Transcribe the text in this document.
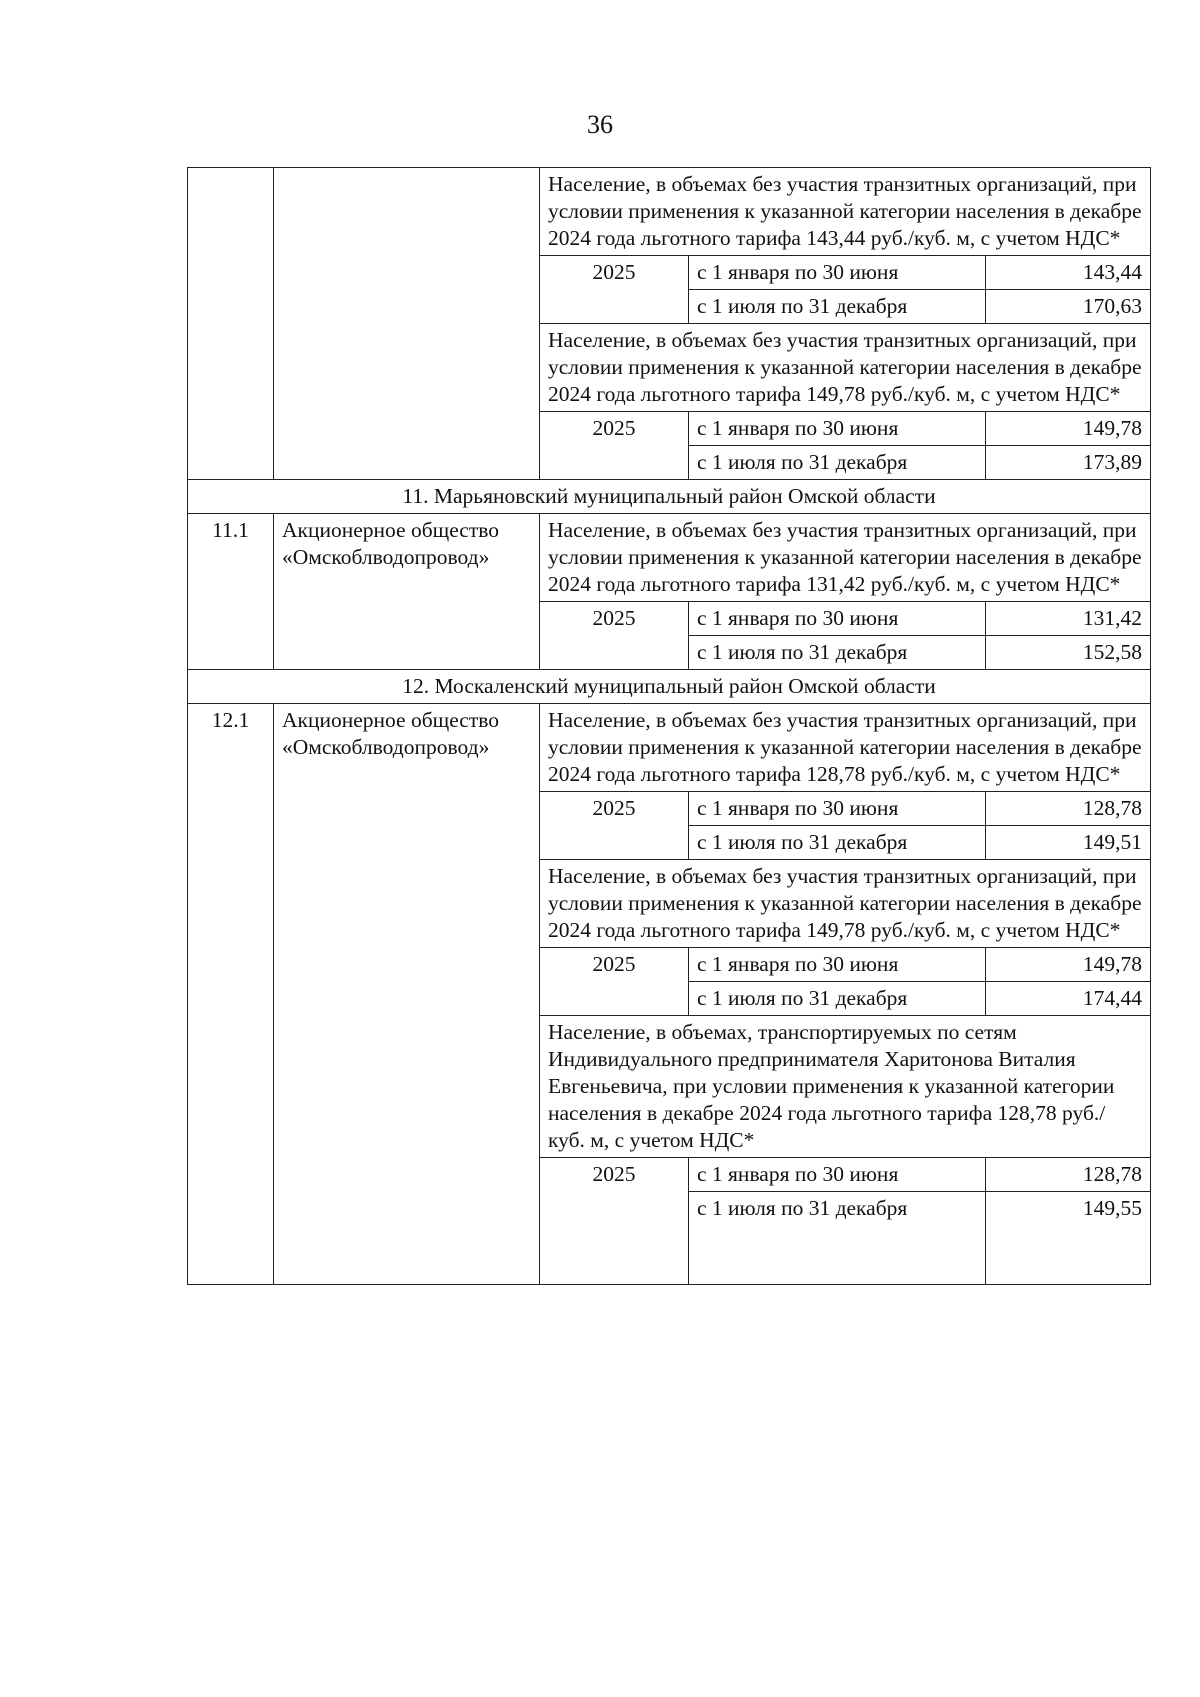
36
		Население, в объемах без участия транзитных организаций, при условии применения к указанной категории населения в декабре 2024 года льготного тарифа 143,44 руб./куб. м, с учетом НДС*		
		2025	с 1 января по 30 июня	143,44
			с 1 июля по 31 декабря	170,63
		Население, в объемах без участия транзитных организаций, при условии применения к указанной категории населения в декабре 2024 года льготного тарифа 149,78 руб./куб. м, с учетом НДС*		
		2025	с 1 января по 30 июня	149,78
			с 1 июля по 31 декабря	173,89
11. Марьяновский муниципальный район Омской области				
11.1	Акционерное общество «Омскоблводопровод»	Население, в объемах без участия транзитных организаций, при условии применения к указанной категории населения в декабре 2024 года льготного тарифа 131,42 руб./куб. м, с учетом НДС*		
		2025	с 1 января по 30 июня	131,42
			с 1 июля по 31 декабря	152,58
12. Москаленский муниципальный район Омской области				
12.1	Акционерное общество «Омскоблводопровод»	Население, в объемах без участия транзитных организаций, при условии применения к указанной категории населения в декабре 2024 года льготного тарифа 128,78 руб./куб. м, с учетом НДС*		
		2025	с 1 января по 30 июня	128,78
			с 1 июля по 31 декабря	149,51
		Население, в объемах без участия транзитных организаций, при условии применения к указанной категории населения в декабре 2024 года льготного тарифа 149,78 руб./куб. м, с учетом НДС*		
		2025	с 1 января по 30 июня	149,78
			с 1 июля по 31 декабря	174,44
		Население, в объемах, транспортируемых по сетям Индивидуального предпринимателя Харитонова Виталия Евгеньевича, при условии применения к указанной категории населения в декабре 2024 года льготного тарифа 128,78 руб./куб. м, с учетом НДС*		
		2025	с 1 января по 30 июня	128,78
			с 1 июля по 31 декабря	149,55
